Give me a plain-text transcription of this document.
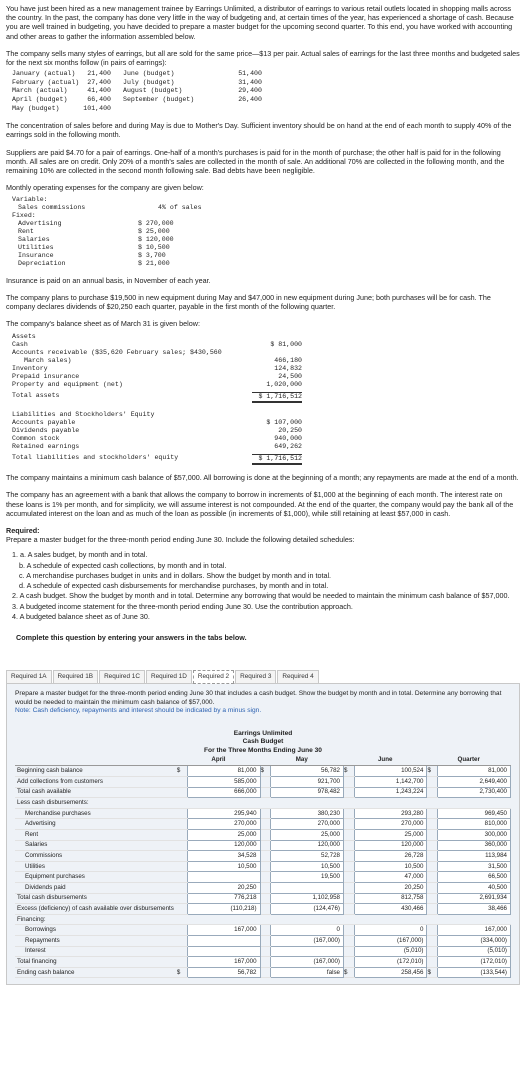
You have just been hired as a new management trainee by Earrings Unlimited, a distributor of earrings to various retail outlets located in shopping malls across the country. In the past, the company has done very little in the way of budgeting and, at certain times of the year, has experienced a shortage of cash. Because you are well trained in budgeting, you have decided to prepare a master budget for the upcoming second quarter. To this end, you have worked with accounting and other areas to gather the information assembled below.

The company sells many styles of earrings, but all are sold for the same price—$13 per pair. Actual sales of earrings for the last three months and budgeted sales for the next six months follow (in pairs of earrings):

January (actual)	21,400	June (budget)	51,400
February (actual)	27,400	July (budget)	31,400
March (actual)	41,400	August (budget)	29,400
April (budget)	66,400	September (budget)	26,400
May (budget)	101,400		

The concentration of sales before and during May is due to Mother's Day. Sufficient inventory should be on hand at the end of each month to supply 40% of the earrings sold in the following month.

Suppliers are paid $4.70 for a pair of earrings. One-half of a month's purchases is paid for in the month of purchase; the other half is paid for in the following month. All sales are on credit. Only 20% of a month's sales are collected in the month of sale. An additional 70% are collected in the following month, and the remaining 10% are collected in the second month following sale. Bad debts have been negligible.

Monthly operating expenses for the company are given below:

Variable:
Sales commissions	4% of sales
Fixed:
Advertising	$ 270,000
Rent	$ 25,000
Salaries	$ 120,000
Utilities	$ 10,500
Insurance	$ 3,700
Depreciation	$ 21,000

Insurance is paid on an annual basis, in November of each year.

The company plans to purchase $19,500 in new equipment during May and $47,000 in new equipment during June; both purchases will be for cash. The company declares dividends of $20,250 each quarter, payable in the first month of the following quarter.

The company's balance sheet as of March 31 is given below:

Assets
Cash	$ 81,000
Accounts receivable ($35,620 February sales; $430,560
March sales)	466,180
Inventory	124,832
Prepaid insurance	24,500
Property and equipment (net)	1,020,000
Total assets	$ 1,716,512
Liabilities and Stockholders' Equity
Accounts payable	$ 107,000
Dividends payable	20,250
Common stock	940,000
Retained earnings	649,262
Total liabilities and stockholders' equity	$ 1,716,512

The company maintains a minimum cash balance of $57,000. All borrowing is done at the beginning of a month; any repayments are made at the end of a month.

The company has an agreement with a bank that allows the company to borrow in increments of $1,000 at the beginning of each month. The interest rate on these loans is 1% per month, and for simplicity, we will assume interest is not compounded. At the end of the quarter, the company would pay the bank all of the accumulated interest on the loan and as much of the loan as possible (in increments of $1,000), while still retaining at least $57,000 in cash.

Required:
Prepare a master budget for the three-month period ending June 30. Include the following detailed schedules:
1. a. A sales budget, by month and in total.
b. A schedule of expected cash collections, by month and in total.
c. A merchandise purchases budget in units and in dollars. Show the budget by month and in total.
d. A schedule of expected cash disbursements for merchandise purchases, by month and in total.
2. A cash budget. Show the budget by month and in total. Determine any borrowing that would be needed to maintain the minimum cash balance of $57,000.
3. A budgeted income statement for the three-month period ending June 30. Use the contribution approach.
4. A budgeted balance sheet as of June 30.
Complete this question by entering your answers in the tabs below.
Required 1A	Required 1B	Required 1C	Required 1D	Required 2	Required 3	Required 4
Prepare a master budget for the three-month period ending June 30 that includes a cash budget. Show the budget by month and in total. Determine any borrowing that would be needed to maintain the minimum cash balance of $57,000.
Note: Cash deficiency, repayments and interest should be indicated by a minus sign.
Earrings Unlimited
Cash Budget
For the Three Months Ending June 30
	April		May		June		Quarter	
Beginning cash balance	$	81,000	$	56,782	$	100,524	$	81,000
Add collections from customers		585,000		921,700		1,142,700		2,649,400
Total cash available		666,000		978,482		1,243,224		2,730,400
Less cash disbursements:								
Merchandise purchases		295,940		380,230		293,280		969,450
Advertising		270,000		270,000		270,000		810,000
Rent		25,000		25,000		25,000		300,000
Salaries		120,000		120,000		120,000		360,000
Commissions		34,528		52,728		26,728		113,984
Utilities		10,500		10,500		10,500		31,500
Equipment purchases				19,500		47,000		66,500
Dividends paid		20,250				20,250		40,500
Total cash disbursements		776,218		1,102,958		812,758		2,691,934
Excess (deficiency) of cash available over disbursements		(110,218)		(124,476)		430,466		38,466
Financing:								
Borrowings		167,000		0		0		167,000
Repayments				(167,000)		(167,000)		(334,000)
Interest						(5,010)		(5,010)
Total financing		167,000		(167,000)		(172,010)		(172,010)
Ending cash balance	$	56,782		false	$	258,456	$	(133,544)
